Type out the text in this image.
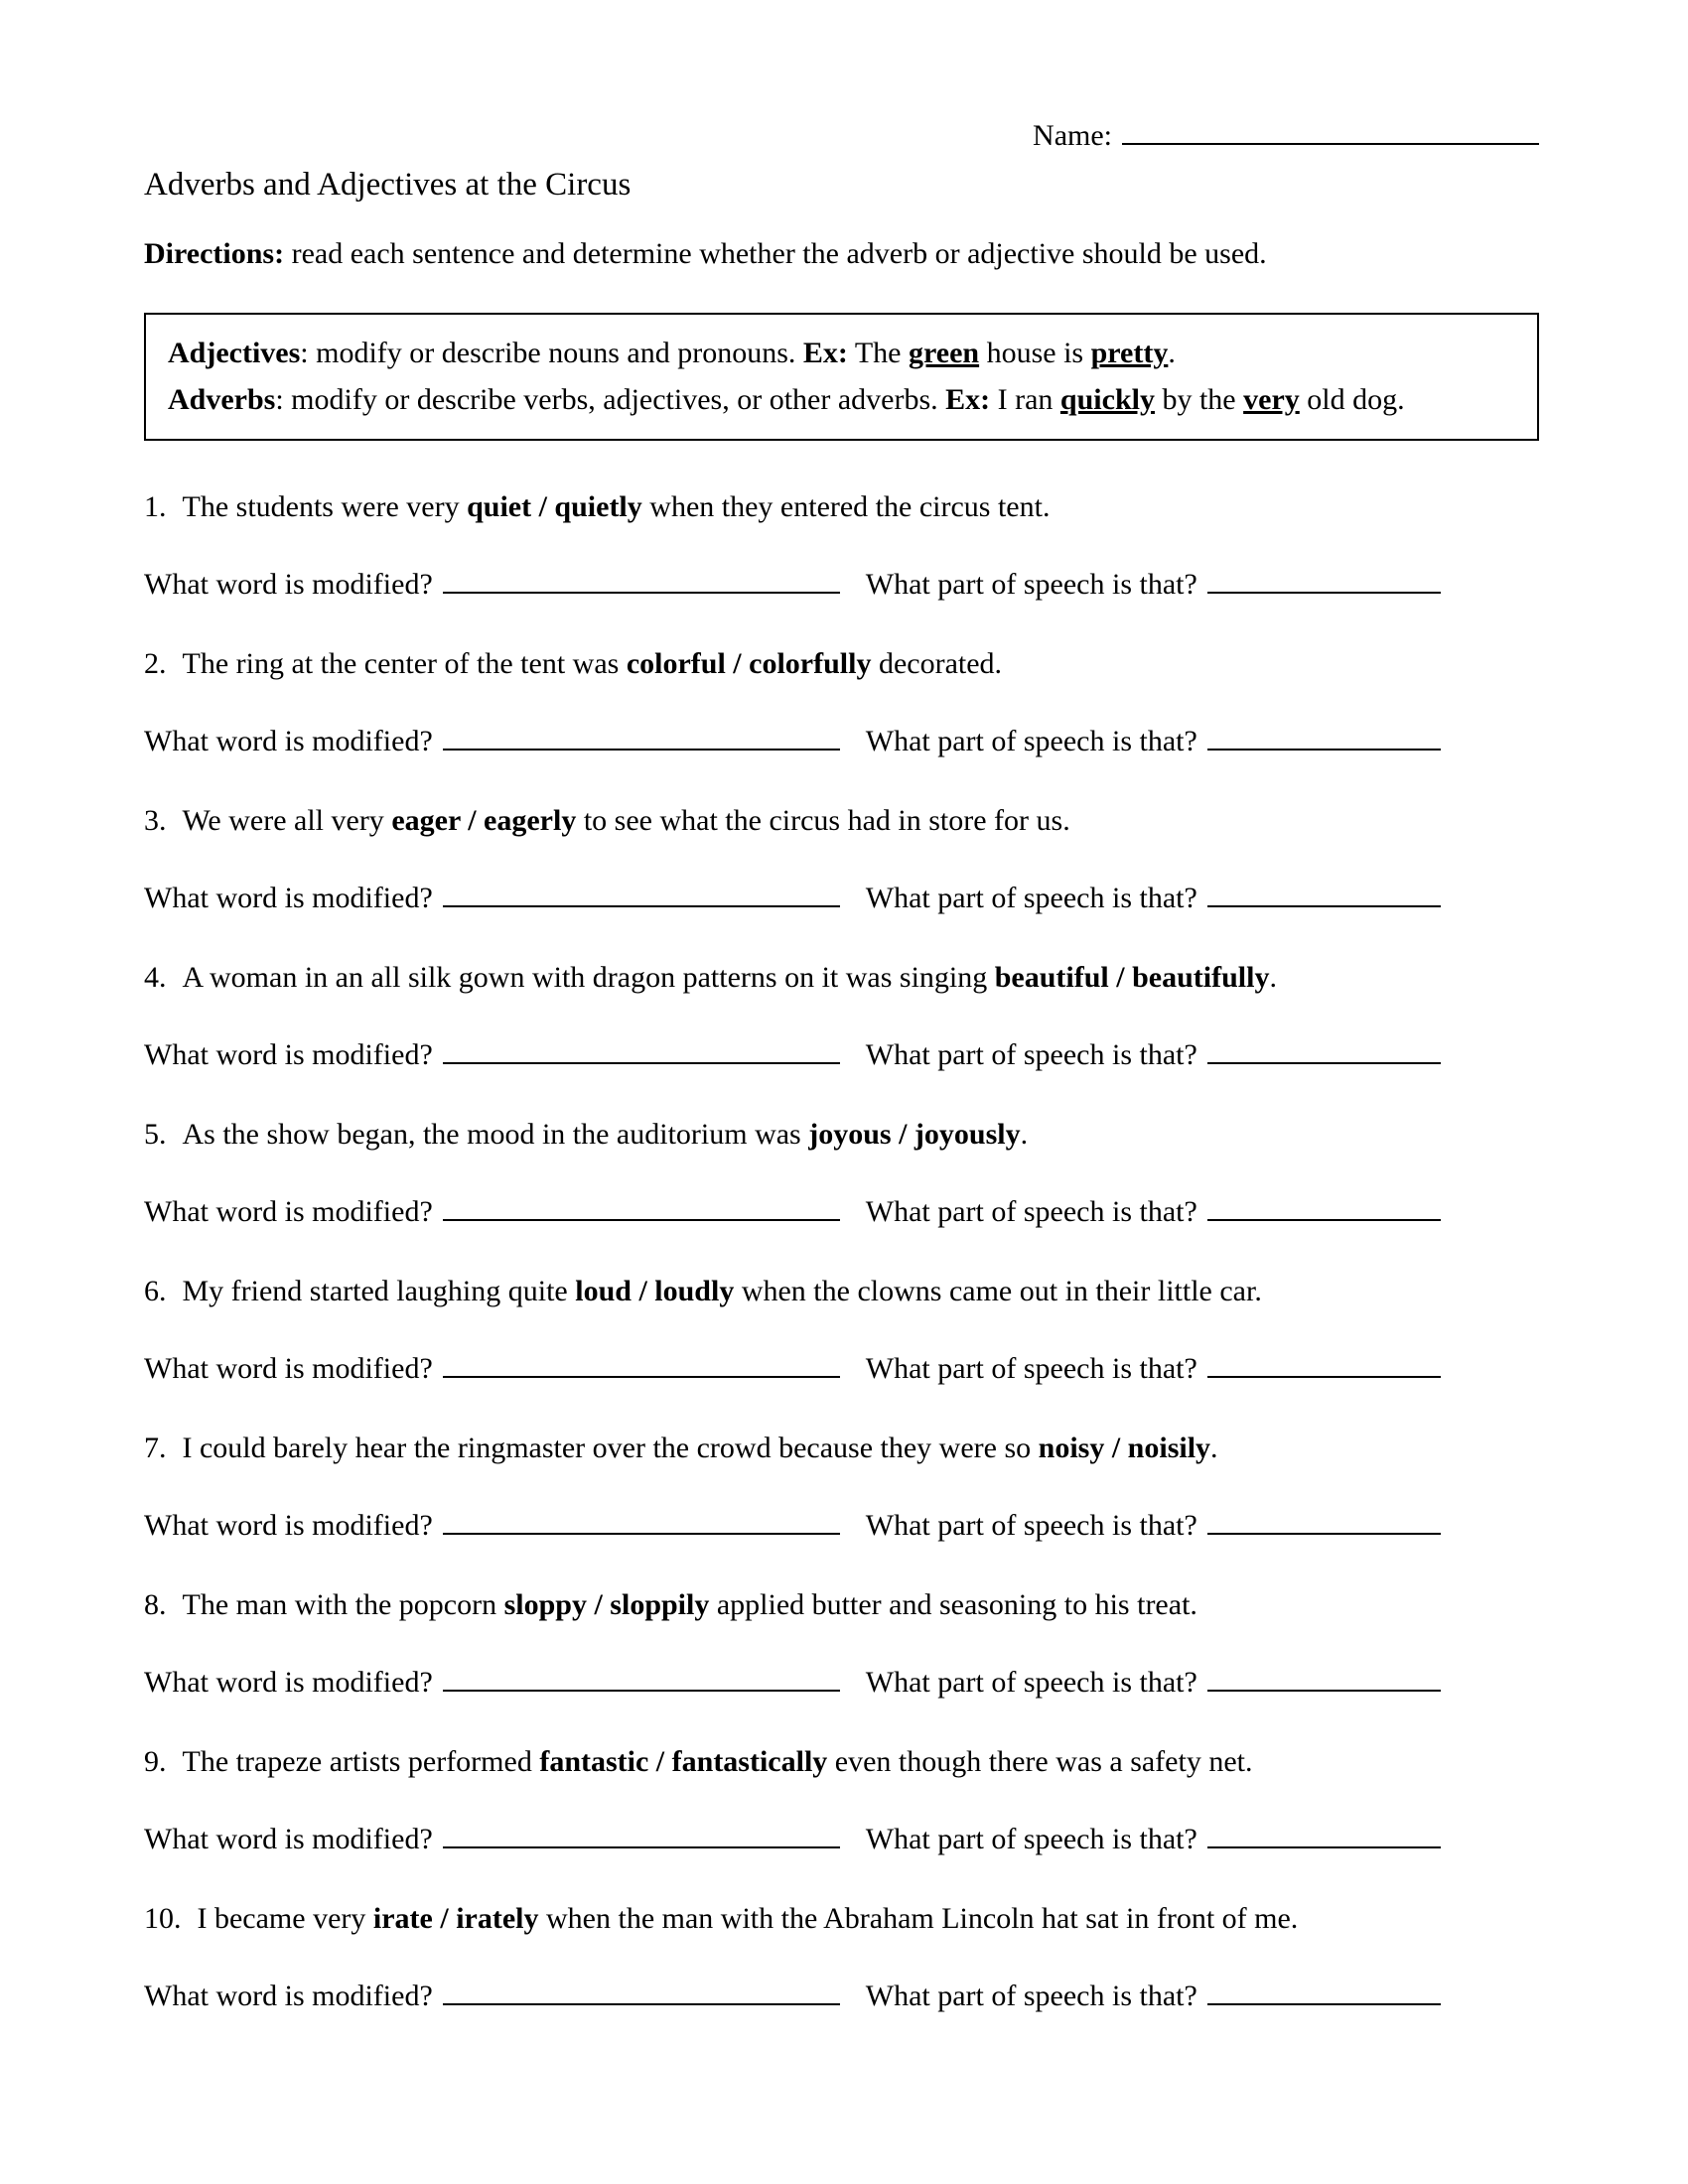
Name:
Adverbs and Adjectives at the Circus

Directions: read each sentence and determine whether the adverb or adjective should be used.

Adjectives: modify or describe nouns and pronouns. Ex: The green house is pretty.
Adverbs: modify or describe verbs, adjectives, or other adverbs. Ex: I ran quickly by the very old dog.

1. The students were very quiet / quietly when they entered the circus tent.

What word is modified?	What part of speech is that?

2. The ring at the center of the tent was colorful / colorfully decorated.

What word is modified?	What part of speech is that?

3. We were all very eager / eagerly to see what the circus had in store for us.

What word is modified?	What part of speech is that?

4. A woman in an all silk gown with dragon patterns on it was singing beautiful / beautifully.

What word is modified?	What part of speech is that?

5. As the show began, the mood in the auditorium was joyous / joyously.

What word is modified?	What part of speech is that?

6. My friend started laughing quite loud / loudly when the clowns came out in their little car.

What word is modified?	What part of speech is that?

7. I could barely hear the ringmaster over the crowd because they were so noisy / noisily.

What word is modified?	What part of speech is that?

8. The man with the popcorn sloppy / sloppily applied butter and seasoning to his treat.

What word is modified?	What part of speech is that?

9. The trapeze artists performed fantastic / fantastically even though there was a safety net.

What word is modified?	What part of speech is that?

10. I became very irate / irately when the man with the Abraham Lincoln hat sat in front of me.

What word is modified?	What part of speech is that?
